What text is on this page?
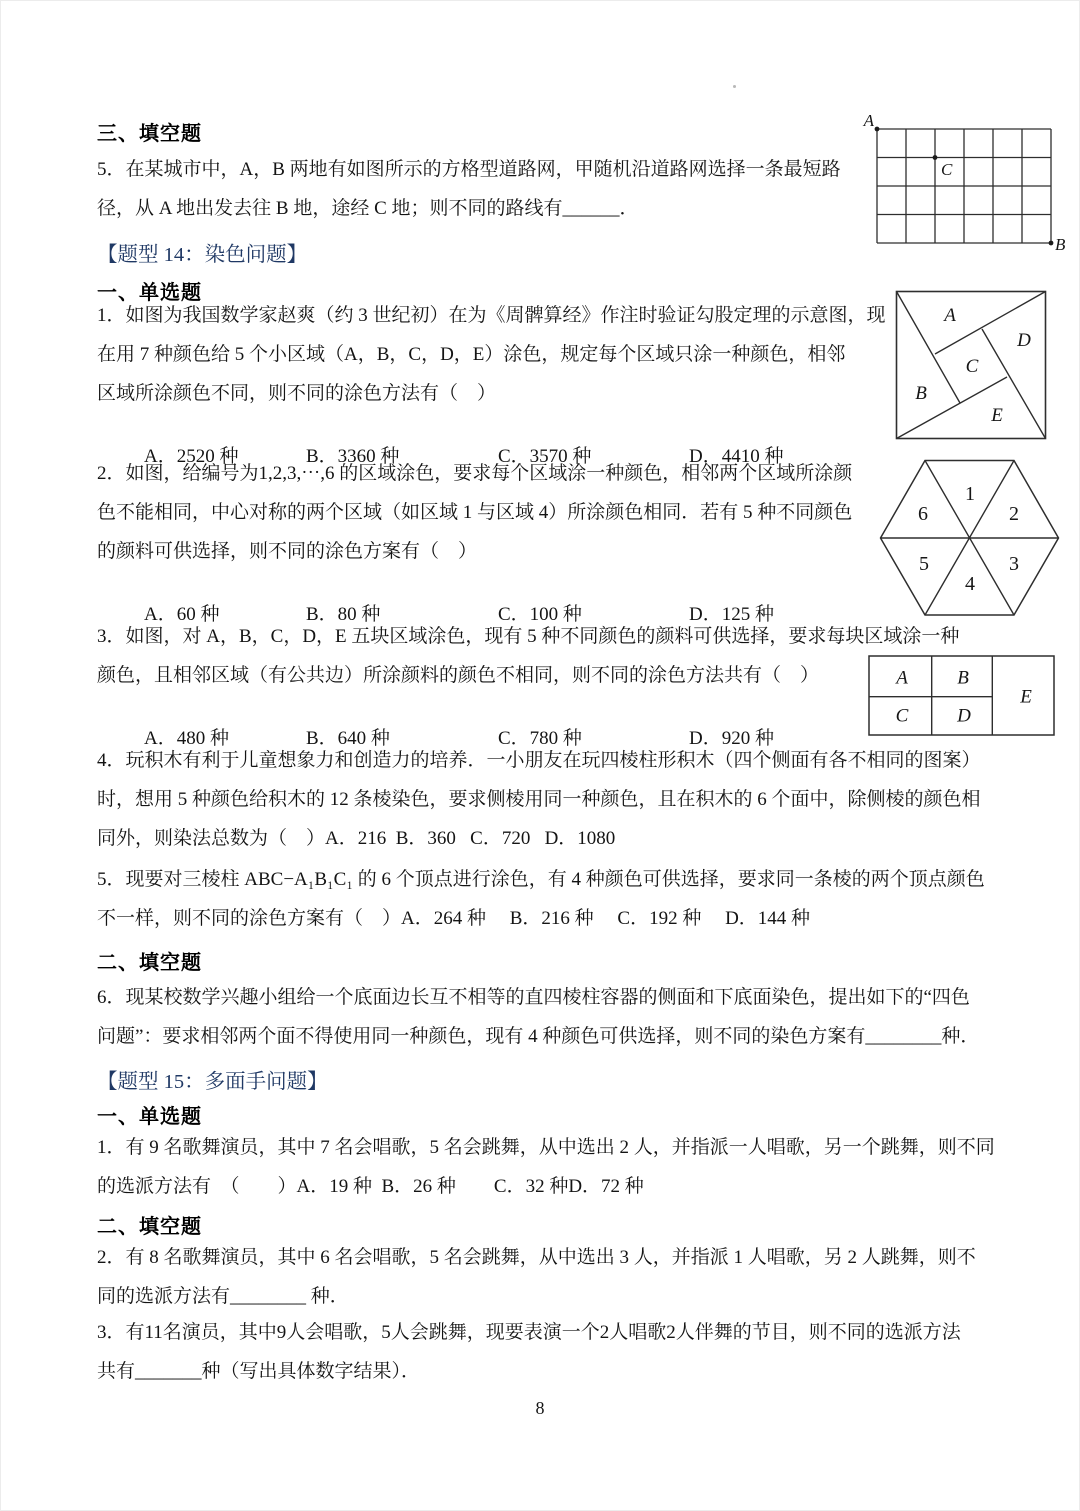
三、填空题
5．在某城市中，A，B 两地有如图所示的方格型道路网，甲随机沿道路网选择一条最短路
径，从 A 地出发去往 B 地，途经 C 地；则不同的路线有______．
A
C
B
【题型 14：染色问题】
一、单选题
1．如图为我国数学家赵爽（约 3 世纪初）在为《周髀算经》作注时验证勾股定理的示意图，现
在用 7 种颜色给 5 个小区域（A，B，C，D，E）涂色，规定每个区域只涂一种颜色，相邻
区域所涂颜色不同，则不同的涂色方法有（　）

A．2520 种	B．3360 种	C．3570 种	D．4410 种

A
D
C
B
E
2．如图，给编号为1,2,3,⋯,6 的区域涂色，要求每个区域涂一种颜色，相邻两个区域所涂颜
色不能相同，中心对称的两个区域（如区域 1 与区域 4）所涂颜色相同．若有 5 种不同颜色
的颜料可供选择，则不同的涂色方案有（　）

A．60 种	B．80 种	C．100 种	D．125 种

1
2
3
4
5
6
3．如图，对 A，B，C，D，E 五块区域涂色，现有 5 种不同颜色的颜料可供选择，要求每块区域涂一种
颜色，且相邻区域（有公共边）所涂颜料的颜色不相同，则不同的涂色方法共有（　）

A．480 种	B．640 种	C．780 种	D．920 种

A	B
C	D
E
4．玩积木有利于儿童想象力和创造力的培养．一小朋友在玩四棱柱形积木（四个侧面有各不相同的图案）
时，想用 5 种颜色给积木的 12 条棱染色，要求侧棱用同一种颜色，且在积木的 6 个面中，除侧棱的颜色相
同外，则染法总数为（　）A．216  B．360   C．720   D．1080
5．现要对三棱柱 ABC−A₁B₁C₁ 的 6 个顶点进行涂色，有 4 种颜色可供选择，要求同一条棱的两个顶点颜色
不一样，则不同的涂色方案有（　）A．264 种　 B．216 种　 C．192 种　 D．144 种
二、填空题
6．现某校数学兴趣小组给一个底面边长互不相等的直四棱柱容器的侧面和下底面染色，提出如下的“四色
问题”：要求相邻两个面不得使用同一种颜色，现有 4 种颜色可供选择，则不同的染色方案有________种．
【题型 15：多面手问题】
一、单选题
1．有 9 名歌舞演员，其中 7 名会唱歌，5 名会跳舞，从中选出 2 人，并指派一人唱歌，另一个跳舞，则不同
的选派方法有　（　　）A．19 种  B．26 种　　C．32 种D．72 种
二、填空题
2．有 8 名歌舞演员，其中 6 名会唱歌，5 名会跳舞，从中选出 3 人，并指派 1 人唱歌，另 2 人跳舞，则不
同的选派方法有________ 种．
3．有11名演员，其中9人会唱歌，5人会跳舞，现要表演一个2人唱歌2人伴舞的节目，则不同的选派方法
共有_______种（写出具体数字结果）．
8
